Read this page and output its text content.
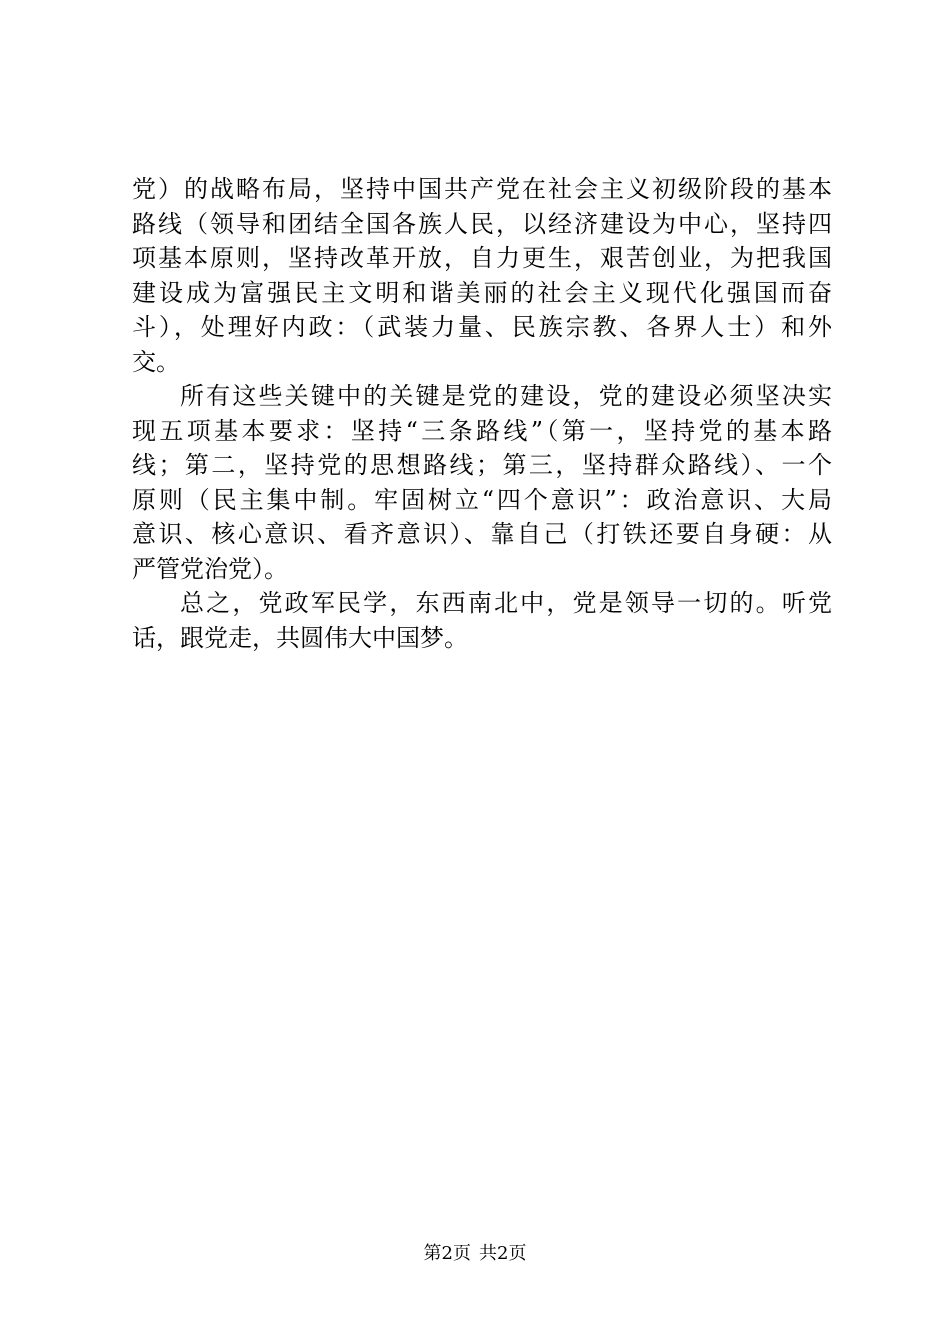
党）的战略布局，坚持中国共产党在社会主义初级阶段的基本
路线（领导和团结全国各族人民，以经济建设为中心，坚持四
项基本原则，坚持改革开放，自力更生，艰苦创业，为把我国
建设成为富强民主文明和谐美丽的社会主义现代化强国而奋
斗），处理好内政：（武装力量、民族宗教、各界人士）和外
交。
所有这些关键中的关键是党的建设，党的建设必须坚决实
现五项基本要求：坚持“三条路线”（第一，坚持党的基本路
线；第二，坚持党的思想路线；第三，坚持群众路线）、一个
原则（民主集中制。牢固树立“四个意识”：政治意识、大局
意识、核心意识、看齐意识）、靠自己（打铁还要自身硬：从
严管党治党）。
总之，党政军民学，东西南北中，党是领导一切的。听党
话，跟党走，共圆伟大中国梦。
第2页 共2页
